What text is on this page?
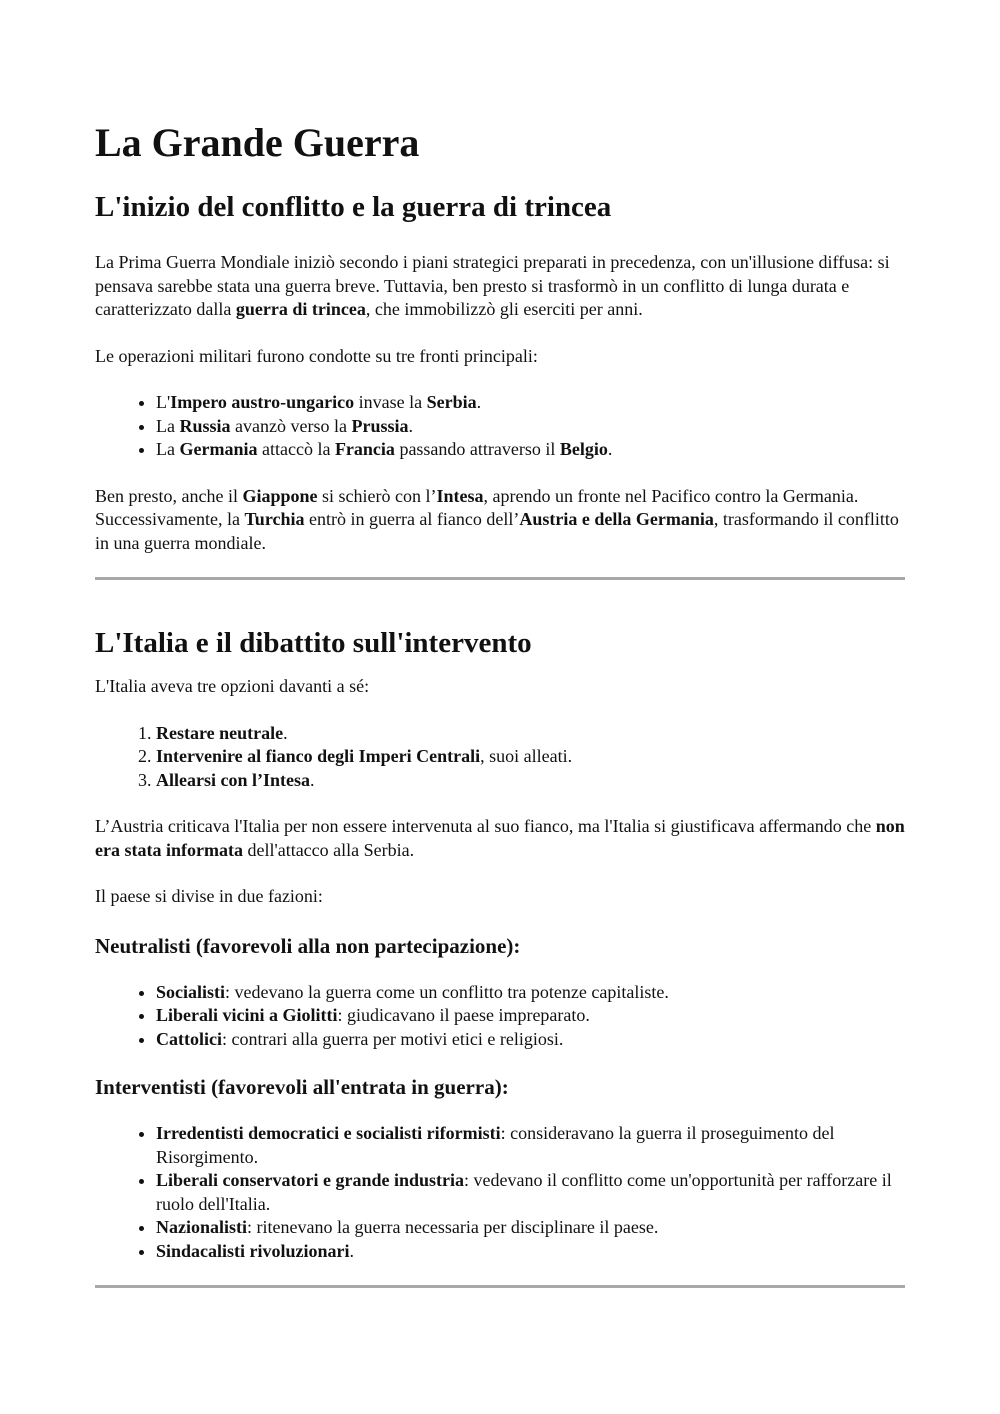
La Grande Guerra
L'inizio del conflitto e la guerra di trincea

La Prima Guerra Mondiale iniziò secondo i piani strategici preparati in precedenza, con un'illusione diffusa: si pensava sarebbe stata una guerra breve. Tuttavia, ben presto si trasformò in un conflitto di lunga durata e caratterizzato dalla guerra di trincea, che immobilizzò gli eserciti per anni.

Le operazioni militari furono condotte su tre fronti principali:

• L'Impero austro-ungarico invase la Serbia.
• La Russia avanzò verso la Prussia.
• La Germania attaccò la Francia passando attraverso il Belgio.

Ben presto, anche il Giappone si schierò con l’Intesa, aprendo un fronte nel Pacifico contro la Germania. Successivamente, la Turchia entrò in guerra al fianco dell’Austria e della Germania, trasformando il conflitto in una guerra mondiale.

L'Italia e il dibattito sull'intervento

L'Italia aveva tre opzioni davanti a sé:

1. Restare neutrale.
2. Intervenire al fianco degli Imperi Centrali, suoi alleati.
3. Allearsi con l’Intesa.

L’Austria criticava l'Italia per non essere intervenuta al suo fianco, ma l'Italia si giustificava affermando che non era stata informata dell'attacco alla Serbia.

Il paese si divise in due fazioni:

Neutralisti (favorevoli alla non partecipazione):
• Socialisti: vedevano la guerra come un conflitto tra potenze capitaliste.
• Liberali vicini a Giolitti: giudicavano il paese impreparato.
• Cattolici: contrari alla guerra per motivi etici e religiosi.
Interventisti (favorevoli all'entrata in guerra):
• Irredentisti democratici e socialisti riformisti: consideravano la guerra il proseguimento del Risorgimento.
• Liberali conservatori e grande industria: vedevano il conflitto come un'opportunità per rafforzare il ruolo dell'Italia.
• Nazionalisti: ritenevano la guerra necessaria per disciplinare il paese.
• Sindacalisti rivoluzionari.
